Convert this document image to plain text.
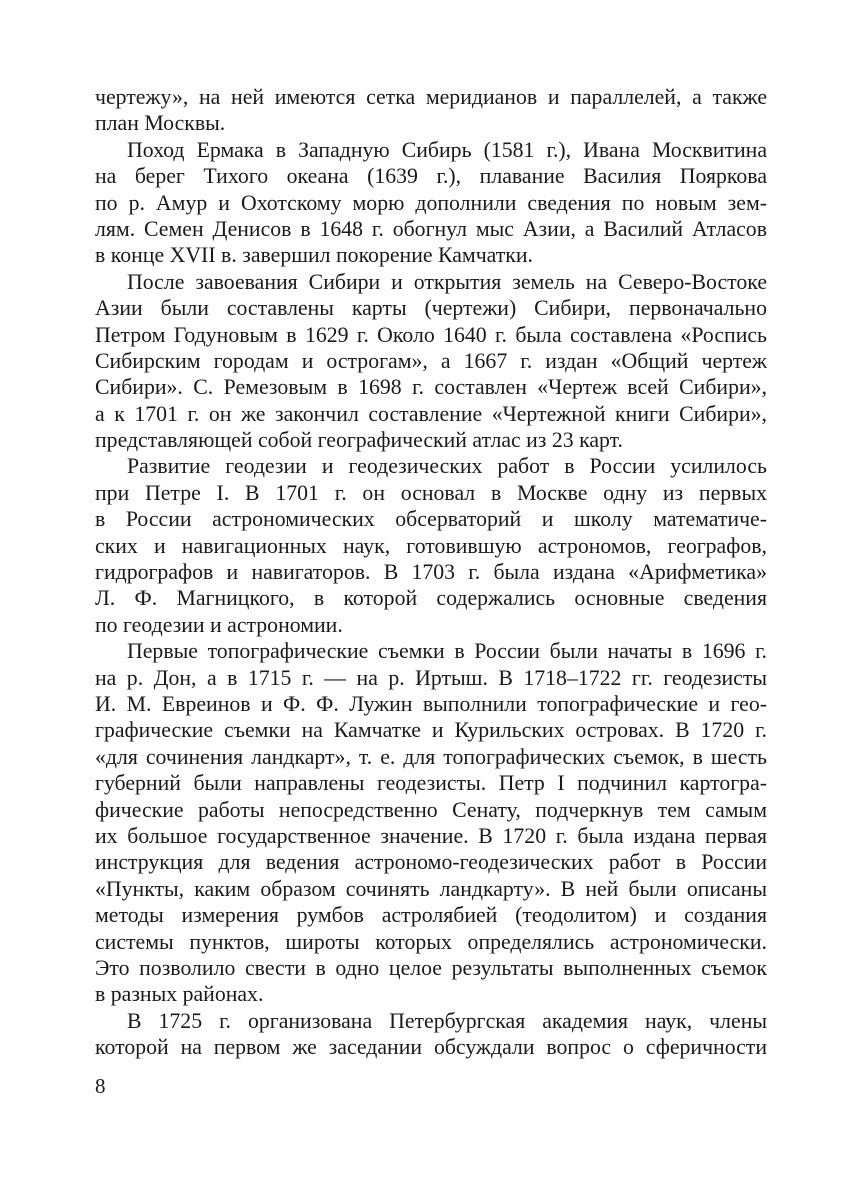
чертежу», на ней имеются сетка меридианов и параллелей, а также
план Москвы.
Поход Ермака в Западную Сибирь (1581 г.), Ивана Москвитина
на берег Тихого океана (1639 г.), плавание Василия Пояркова
по р. Амур и Охотскому морю дополнили сведения по новым зем-
лям. Семен Денисов в 1648 г. обогнул мыс Азии, а Василий Атласов
в конце XVII в. завершил покорение Камчатки.
После завоевания Сибири и открытия земель на Северо-Востоке
Азии были составлены карты (чертежи) Сибири, первоначально
Петром Годуновым в 1629 г. Около 1640 г. была составлена «Роспись
Сибирским городам и острогам», а 1667 г. издан «Общий чертеж
Сибири». С. Ремезовым в 1698 г. составлен «Чертеж всей Сибири»,
а к 1701 г. он же закончил составление «Чертежной книги Сибири»,
представляющей собой географический атлас из 23 карт.
Развитие геодезии и геодезических работ в России усилилось
при Петре I. В 1701 г. он основал в Москве одну из первых
в России астрономических обсерваторий и школу математиче-
ских и навигационных наук, готовившую астрономов, географов,
гидрографов и навигаторов. В 1703 г. была издана «Арифметика»
Л. Ф. Магницкого, в которой содержались основные сведения
по геодезии и астрономии.
Первые топографические съемки в России были начаты в 1696 г.
на р. Дон, а в 1715 г. — на р. Иртыш. В 1718–1722 гг. геодезисты
И. М. Евреинов и Ф. Ф. Лужин выполнили топографические и гео-
графические съемки на Камчатке и Курильских островах. В 1720 г.
«для сочинения ландкарт», т. е. для топографических съемок, в шесть
губерний были направлены геодезисты. Петр I подчинил картогра-
фические работы непосредственно Сенату, подчеркнув тем самым
их большое государственное значение. В 1720 г. была издана первая
инструкция для ведения астрономо-геодезических работ в России
«Пункты, каким образом сочинять ландкарту». В ней были описаны
методы измерения румбов астролябией (теодолитом) и создания
системы пунктов, широты которых определялись астрономически.
Это позволило свести в одно целое результаты выполненных съемок
в разных районах.
В 1725 г. организована Петербургская академия наук, члены
которой на первом же заседании обсуждали вопрос о сферичности
8
